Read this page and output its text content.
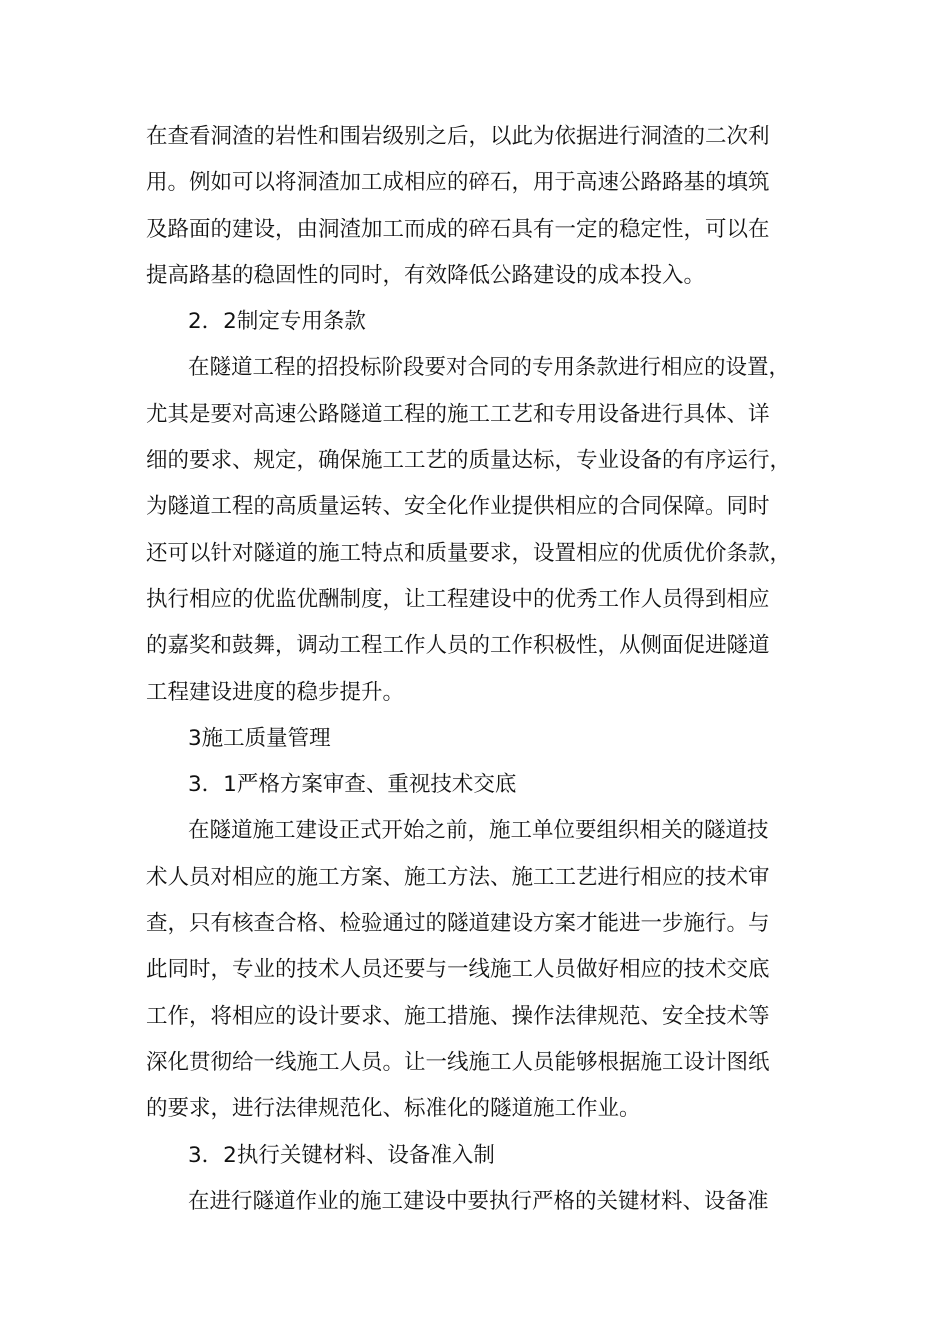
在查看洞渣的岩性和围岩级别之后，以此为依据进行洞渣的二次利
用。例如可以将洞渣加工成相应的碎石，用于高速公路路基的填筑
及路面的建设，由洞渣加工而成的碎石具有一定的稳定性，可以在
提高路基的稳固性的同时，有效降低公路建设的成本投入。
2．2制定专用条款
在隧道工程的招投标阶段要对合同的专用条款进行相应的设置，
尤其是要对高速公路隧道工程的施工工艺和专用设备进行具体、详
细的要求、规定，确保施工工艺的质量达标，专业设备的有序运行，
为隧道工程的高质量运转、安全化作业提供相应的合同保障。同时
还可以针对隧道的施工特点和质量要求，设置相应的优质优价条款，
执行相应的优监优酬制度，让工程建设中的优秀工作人员得到相应
的嘉奖和鼓舞，调动工程工作人员的工作积极性，从侧面促进隧道
工程建设进度的稳步提升。
3施工质量管理
3．1严格方案审查、重视技术交底
在隧道施工建设正式开始之前，施工单位要组织相关的隧道技
术人员对相应的施工方案、施工方法、施工工艺进行相应的技术审
查，只有核查合格、检验通过的隧道建设方案才能进一步施行。与
此同时，专业的技术人员还要与一线施工人员做好相应的技术交底
工作，将相应的设计要求、施工措施、操作法律规范、安全技术等
深化贯彻给一线施工人员。让一线施工人员能够根据施工设计图纸
的要求，进行法律规范化、标准化的隧道施工作业。
3．2执行关键材料、设备准入制
在进行隧道作业的施工建设中要执行严格的关键材料、设备准
